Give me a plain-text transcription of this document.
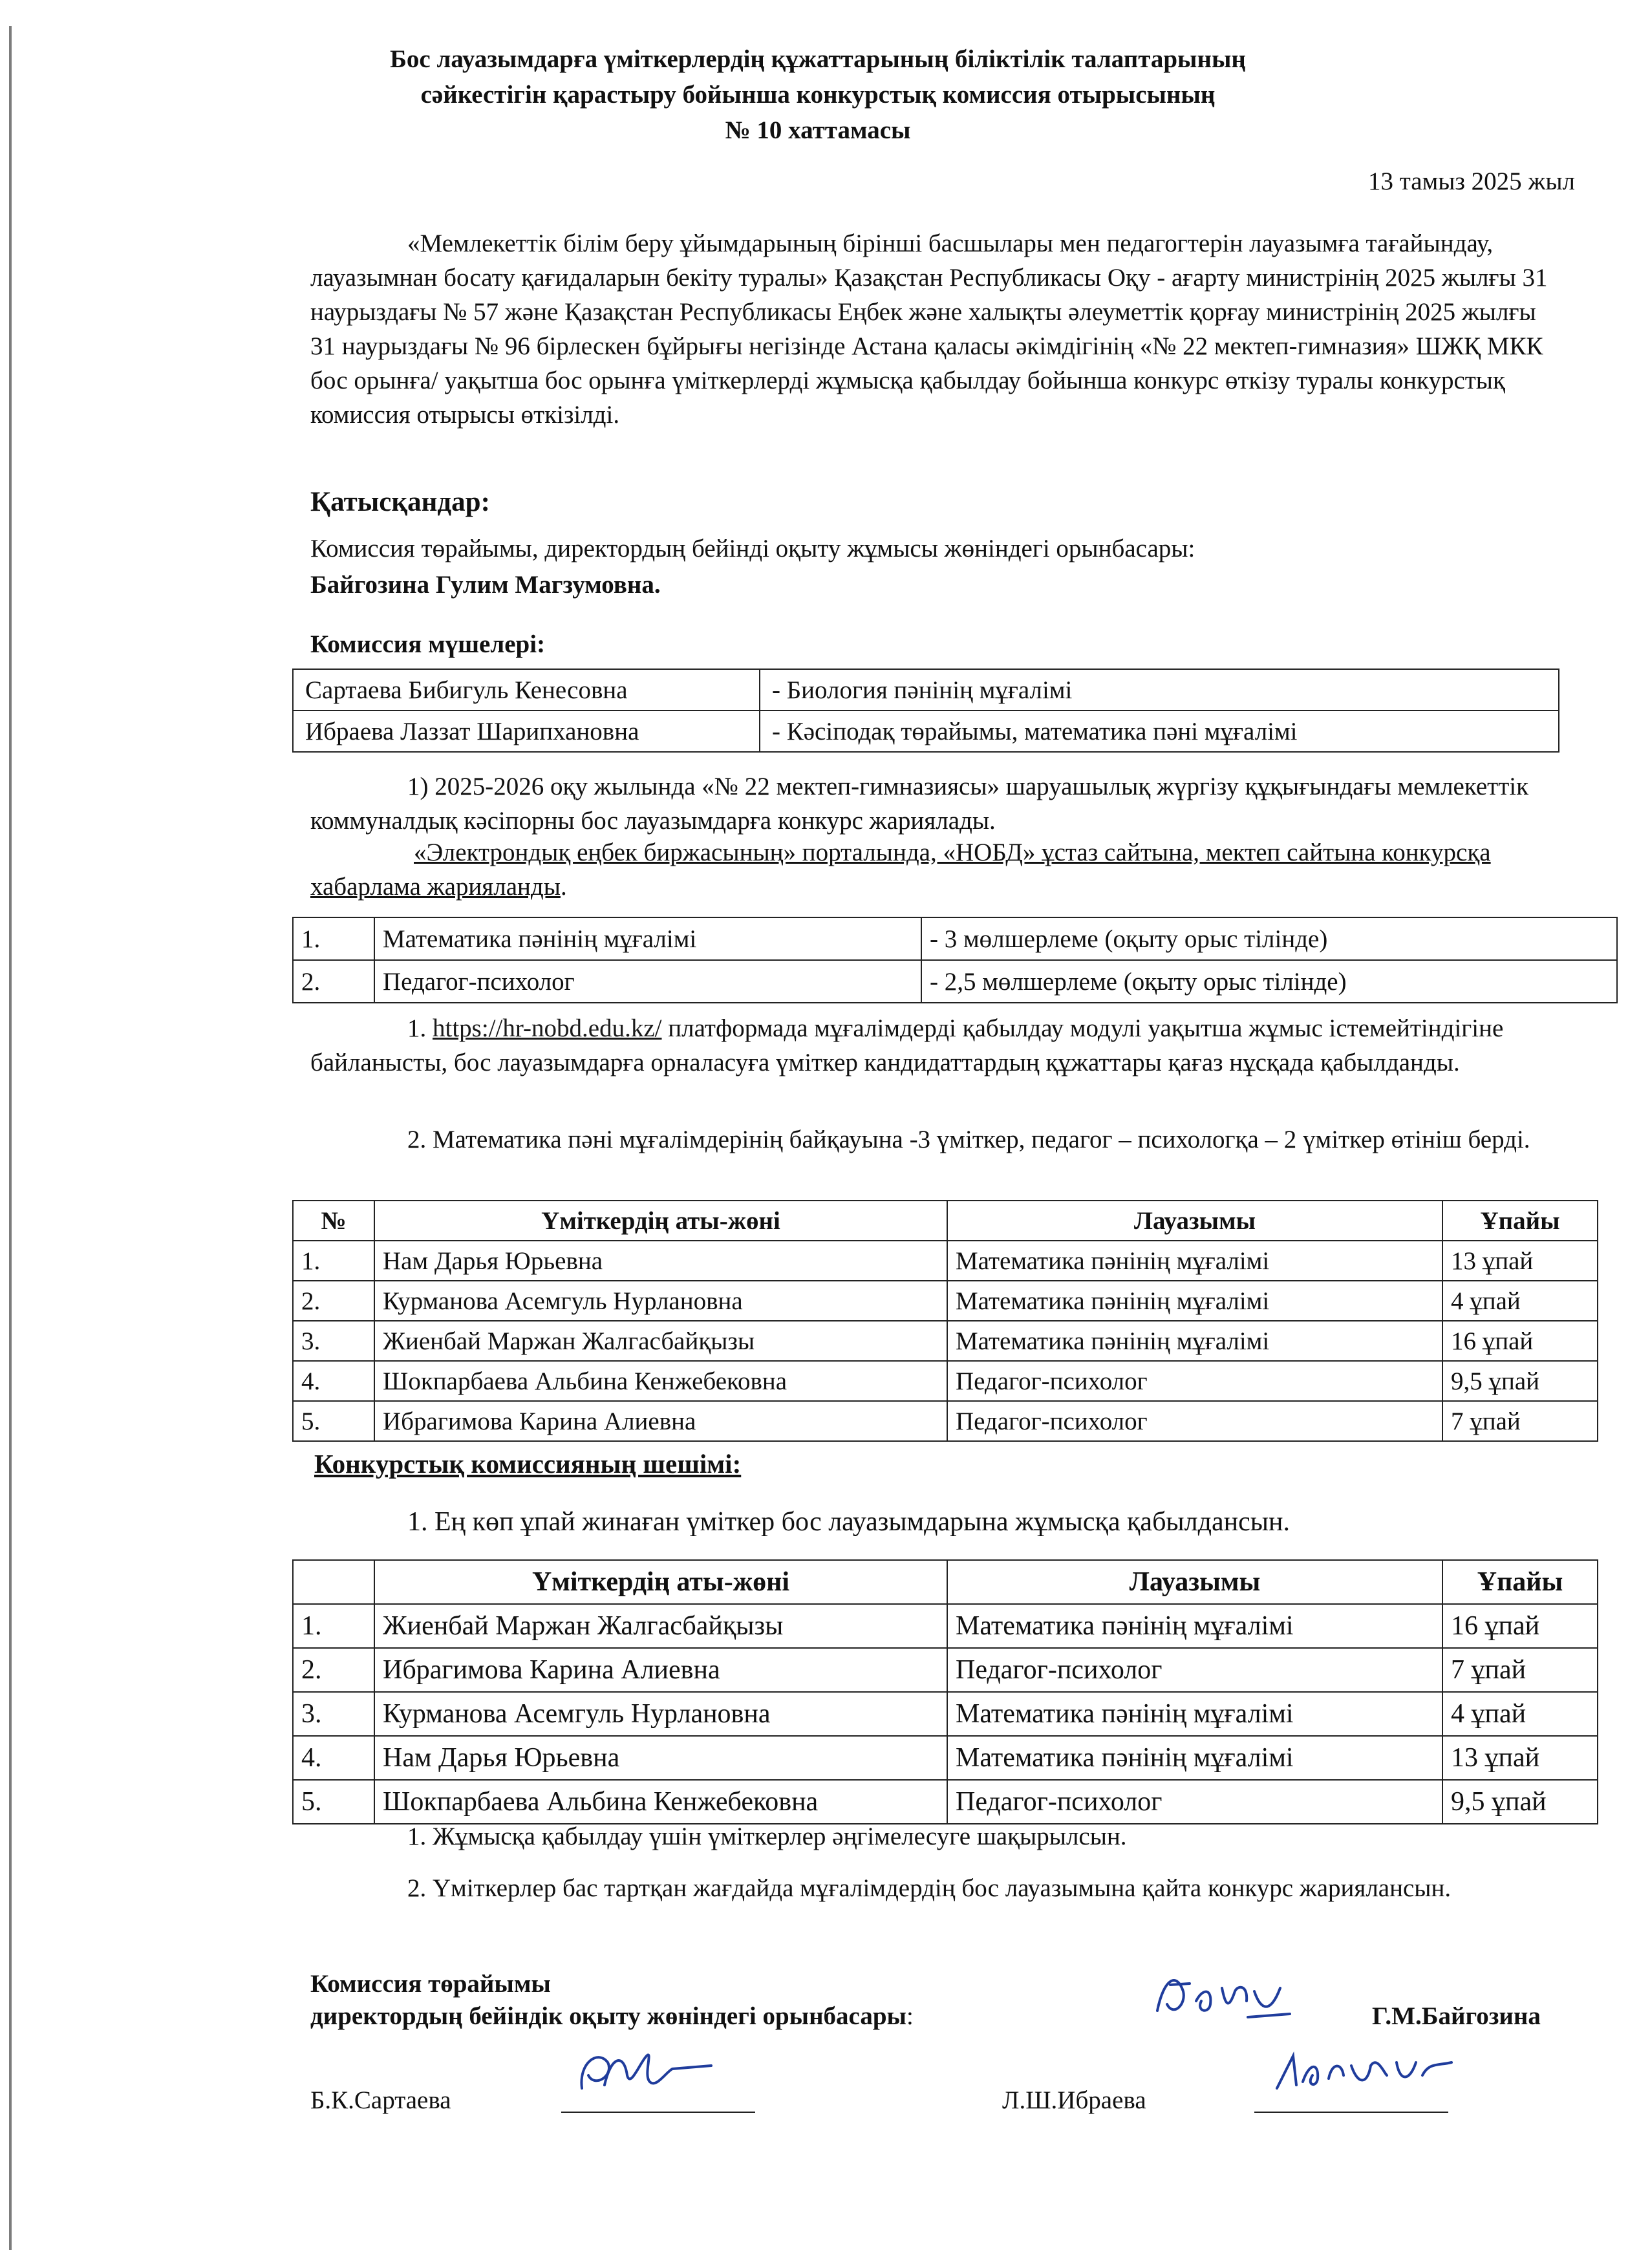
Бос лауазымдарға үміткерлердің құжаттарының біліктілік талаптарының
сәйкестігін қарастыру бойынша конкурстық комиссия отырысының
№ 10 хаттамасы
13 тамыз 2025 жыл
«Мемлекеттік білім беру ұйымдарының бірінші басшылары мен педагогтерін лауазымға тағайындау, лауазымнан босату қағидаларын бекіту туралы» Қазақстан Республикасы Оқу - ағарту министрінің 2025 жылғы 31 наурыздағы № 57 және Қазақстан Республикасы Еңбек және халықты әлеуметтік қорғау министрінің 2025 жылғы 31 наурыздағы № 96 бірлескен бұйрығы негізінде Астана қаласы әкімдігінің «№ 22 мектеп-гимназия» ШЖҚ МКК бос орынға/ уақытша бос орынға үміткерлерді жұмысқа қабылдау бойынша конкурс өткізу туралы конкурстық комиссия отырысы өткізілді.
Қатысқандар:
Комиссия төрайымы, директордың бейінді оқыту жұмысы жөніндегі орынбасары:
Байгозина Гулим Магзумовна.
Комиссия мүшелері:
Сартаева Бибигуль Кенесовна	- Биология пәнінің мұғалімі
Ибраева Лаззат Шарипхановна	- Кәсіподақ төрайымы, математика пәні мұғалімі
1) 2025-2026 оқу жылында «№ 22 мектеп-гимназиясы» шаруашылық жүргізу құқығындағы мемлекеттік коммуналдық кәсіпорны бос лауазымдарға конкурс жариялады.
«Электрондық еңбек биржасының» порталында, «НОБД» ұстаз сайтына, мектеп сайтына конкурсқа хабарлама жарияланды.
1.	Математика пәнінің мұғалімі	- 3 мөлшерлеме (оқыту орыс тілінде)
2.	Педагог-психолог	- 2,5 мөлшерлеме (оқыту орыс тілінде)
1. https://hr-nobd.edu.kz/ платформада мұғалімдерді қабылдау модулі уақытша жұмыс істемейтіндігіне байланысты, бос лауазымдарға орналасуға үміткер кандидаттардың құжаттары қағаз нұсқада қабылданды.
2. Математика пәні мұғалімдерінің байқауына -3 үміткер, педагог – психологқа – 2 үміткер өтініш берді.
№	Үміткердің аты-жөні	Лауазымы	Ұпайы
1.	Нам Дарья Юрьевна	Математика пәнінің мұғалімі	13 ұпай
2.	Курманова Асемгуль Нурлановна	Математика пәнінің мұғалімі	4 ұпай
3.	Жиенбай Маржан Жалгасбайқызы	Математика пәнінің мұғалімі	16 ұпай
4.	Шокпарбаева Альбина Кенжебековна	Педагог-психолог	9,5 ұпай
5.	Ибрагимова Карина Алиевна	Педагог-психолог	7 ұпай
Конкурстық комиссияның шешімі:
1. Ең көп ұпай жинаған үміткер бос лауазымдарына жұмысқа қабылдансын.
	Үміткердің аты-жөні	Лауазымы	Ұпайы
1.	Жиенбай Маржан Жалгасбайқызы	Математика пәнінің мұғалімі	16 ұпай
2.	Ибрагимова Карина Алиевна	Педагог-психолог	7 ұпай
3.	Курманова Асемгуль Нурлановна	Математика пәнінің мұғалімі	4 ұпай
4.	Нам Дарья Юрьевна	Математика пәнінің мұғалімі	13 ұпай
5.	Шокпарбаева Альбина Кенжебековна	Педагог-психолог	9,5 ұпай
1. Жұмысқа қабылдау үшін үміткерлер әңгімелесуге шақырылсын.
2. Үміткерлер бас тартқан жағдайда мұғалімдердің бос лауазымына қайта конкурс жариялансын.
Комиссия төрайымы
директордың бейіндік оқыту жөніндегі орынбасары:	Г.М.Байгозина
Б.К.Сартаева	Л.Ш.Ибраева
